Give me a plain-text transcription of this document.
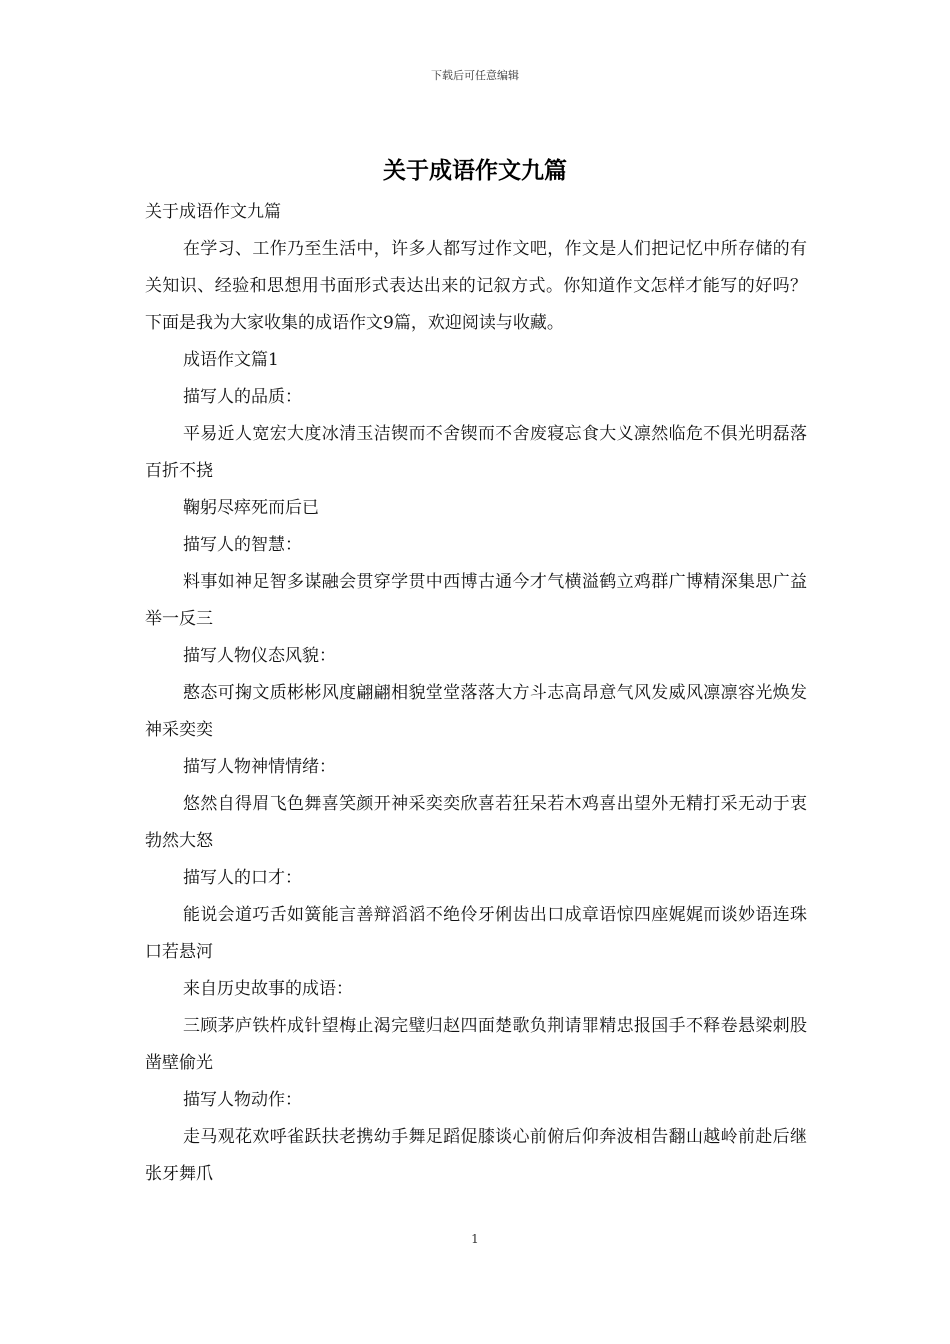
下载后可任意编辑
关于成语作文九篇

关于成语作文九篇

在学习、工作乃至生活中，许多人都写过作文吧，作文是人们把记忆中所存储的有关知识、经验和思想用书面形式表达出来的记叙方式。你知道作文怎样才能写的好吗？下面是我为大家收集的成语作文9篇，欢迎阅读与收藏。

成语作文篇1

描写人的品质：

平易近人宽宏大度冰清玉洁锲而不舍锲而不舍废寝忘食大义凛然临危不俱光明磊落百折不挠

鞠躬尽瘁死而后已

描写人的智慧：

料事如神足智多谋融会贯穿学贯中西博古通今才气横溢鹤立鸡群广博精深集思广益举一反三

描写人物仪态风貌：

憨态可掬文质彬彬风度翩翩相貌堂堂落落大方斗志高昂意气风发威风凛凛容光焕发神采奕奕

描写人物神情情绪：

悠然自得眉飞色舞喜笑颜开神采奕奕欣喜若狂呆若木鸡喜出望外无精打采无动于衷勃然大怒

描写人的口才：

能说会道巧舌如簧能言善辩滔滔不绝伶牙俐齿出口成章语惊四座娓娓而谈妙语连珠口若悬河

来自历史故事的成语：

三顾茅庐铁杵成针望梅止渴完璧归赵四面楚歌负荆请罪精忠报国手不释卷悬梁刺股凿壁偷光

描写人物动作：

走马观花欢呼雀跃扶老携幼手舞足蹈促膝谈心前俯后仰奔波相告翻山越岭前赴后继张牙舞爪

1
